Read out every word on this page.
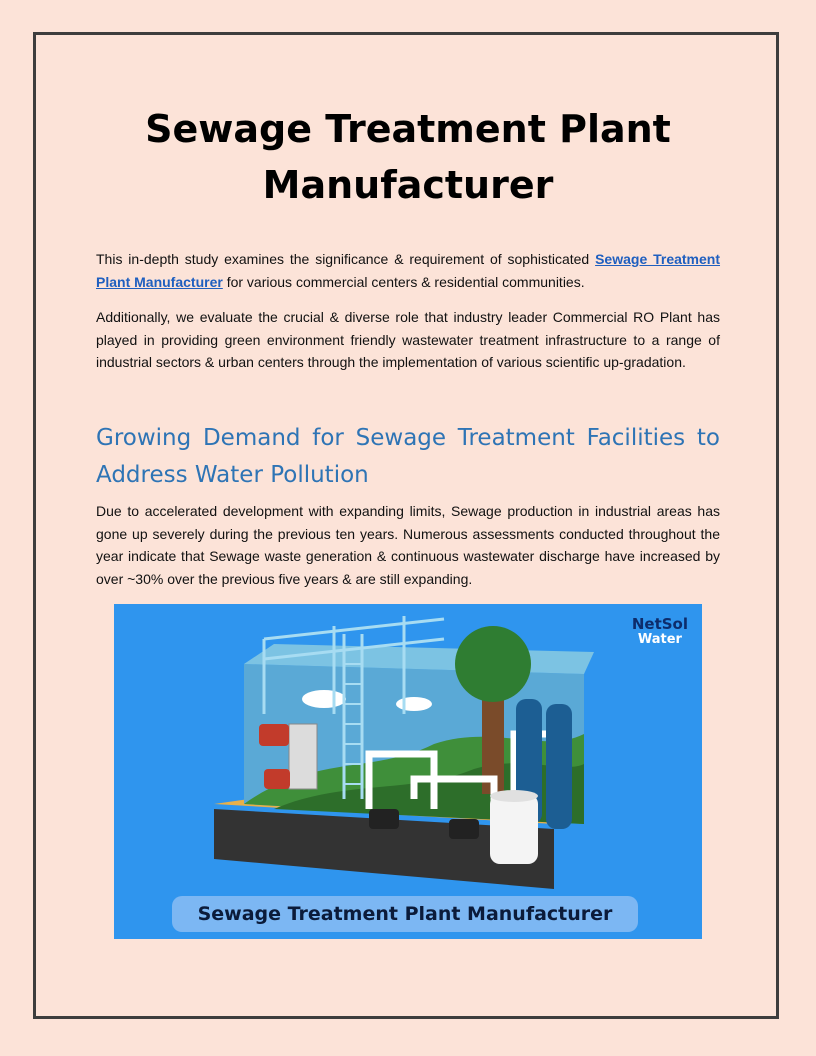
Sewage Treatment Plant Manufacturer

This in-depth study examines the significance & requirement of sophisticated Sewage Treatment Plant Manufacturer for various commercial centers & residential communities.

Additionally, we evaluate the crucial & diverse role that industry leader Commercial RO Plant has played in providing green environment friendly wastewater treatment infrastructure to a range of industrial sectors & urban centers through the implementation of various scientific up-gradation.

Growing Demand for Sewage Treatment Facilities to Address Water Pollution

Due to accelerated development with expanding limits, Sewage production in industrial areas has gone up severely during the previous ten years. Numerous assessments conducted throughout the year indicate that Sewage waste generation & continuous wastewater discharge have increased by over ~30% over the previous five years & are still expanding.

NetSol
Water
Sewage Treatment Plant Manufacturer
